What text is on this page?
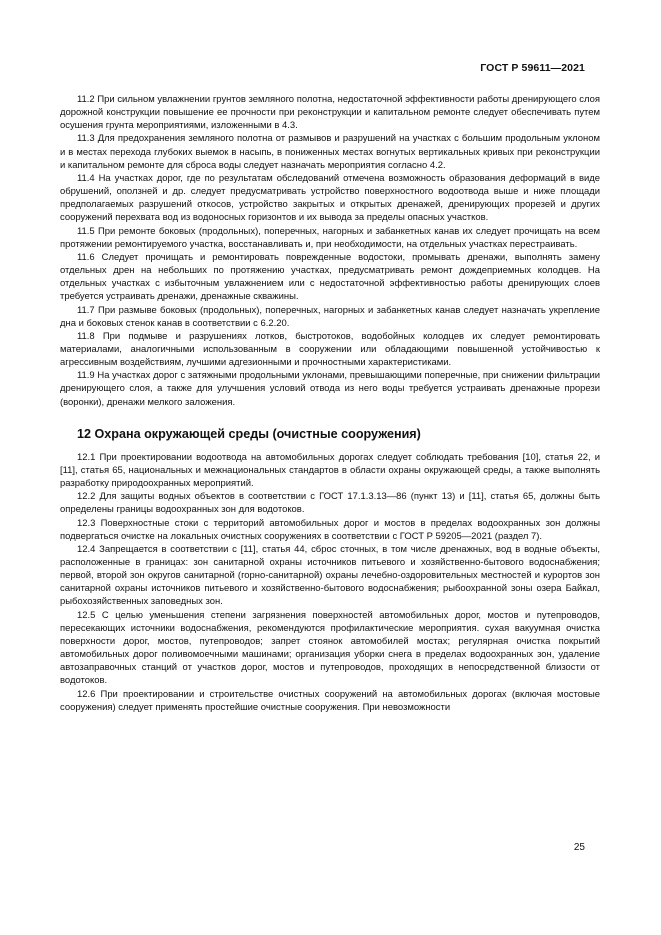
ГОСТ Р 59611—2021

11.2 При сильном увлажнении грунтов земляного полотна, недостаточной эффективности работы дренирующего слоя дорожной конструкции повышение ее прочности при реконструкции и капитальном ремонте следует обеспечивать путем осушения грунта мероприятиями, изложенными в 4.3.

11.3 Для предохранения земляного полотна от размывов и разрушений на участках с большим продольным уклоном и в местах перехода глубоких выемок в насыпь, в пониженных местах вогнутых вертикальных кривых при реконструкции и капитальном ремонте для сброса воды следует назначать мероприятия согласно 4.2.

11.4 На участках дорог, где по результатам обследований отмечена возможность образования деформаций в виде обрушений, оползней и др. следует предусматривать устройство поверхностного водоотвода выше и ниже площади предполагаемых разрушений откосов, устройство закрытых и открытых дренажей, дренирующих прорезей и других сооружений перехвата вод из водоносных горизонтов и их вывода за пределы опасных участков.

11.5 При ремонте боковых (продольных), поперечных, нагорных и забанкетных канав их следует прочищать на всем протяжении ремонтируемого участка, восстанавливать и, при необходимости, на отдельных участках перестраивать.

11.6 Следует прочищать и ремонтировать поврежденные водостоки, промывать дренажи, выполнять замену отдельных дрен на небольших по протяжению участках, предусматривать ремонт дождеприемных колодцев. На отдельных участках с избыточным увлажнением или с недостаточной эффективностью работы дренирующих слоев требуется устраивать дренажи, дренажные скважины.

11.7 При размыве боковых (продольных), поперечных, нагорных и забанкетных канав следует назначать укрепление дна и боковых стенок канав в соответствии с 6.2.20.

11.8 При подмыве и разрушениях лотков, быстротоков, водобойных колодцев их следует ремонтировать материалами, аналогичными использованным в сооружении или обладающими повышенной устойчивостью к агрессивным воздействиям, лучшими адгезионными и прочностными характеристиками.

11.9 На участках дорог с затяжными продольными уклонами, превышающими поперечные, при снижении фильтрации дренирующего слоя, а также для улучшения условий отвода из него воды требуется устраивать дренажные прорези (воронки), дренажи мелкого заложения.

12 Охрана окружающей среды (очистные сооружения)

12.1 При проектировании водоотвода на автомобильных дорогах следует соблюдать требования [10], статья 22, и [11], статья 65, национальных и межнациональных стандартов в области охраны окружающей среды, а также выполнять разработку природоохранных мероприятий.

12.2 Для защиты водных объектов в соответствии с ГОСТ 17.1.3.13—86 (пункт 13) и [11], статья 65, должны быть определены границы водоохранных зон для водотоков.

12.3 Поверхностные стоки с территорий автомобильных дорог и мостов в пределах водоохранных зон должны подвергаться очистке на локальных очистных сооружениях в соответствии с ГОСТ Р 59205—2021 (раздел 7).

12.4 Запрещается в соответствии с [11], статья 44, сброс сточных, в том числе дренажных, вод в водные объекты, расположенные в границах: зон санитарной охраны источников питьевого и хозяйственно-бытового водоснабжения; первой, второй зон округов санитарной (горно-санитарной) охраны лечебно-оздоровительных местностей и курортов зон санитарной охраны источников питьевого и хозяйственно-бытового водоснабжения; рыбоохранной зоны озера Байкал, рыбохозяйственных заповедных зон.

12.5 С целью уменьшения степени загрязнения поверхностей автомобильных дорог, мостов и путепроводов, пересекающих источники водоснабжения, рекомендуются профилактические мероприятия. сухая вакуумная очистка поверхности дорог, мостов, путепроводов; запрет стоянок автомобилей мостах; регулярная очистка покрытий автомобильных дорог поливомоечными машинами; организация уборки снега в пределах водоохранных зон, удаление автозаправочных станций от участков дорог, мостов и путепроводов, проходящих в непосредственной близости от водотоков.

12.6 При проектировании и строительстве очистных сооружений на автомобильных дорогах (включая мостовые сооружения) следует применять простейшие очистные сооружения. При невозможности

25
